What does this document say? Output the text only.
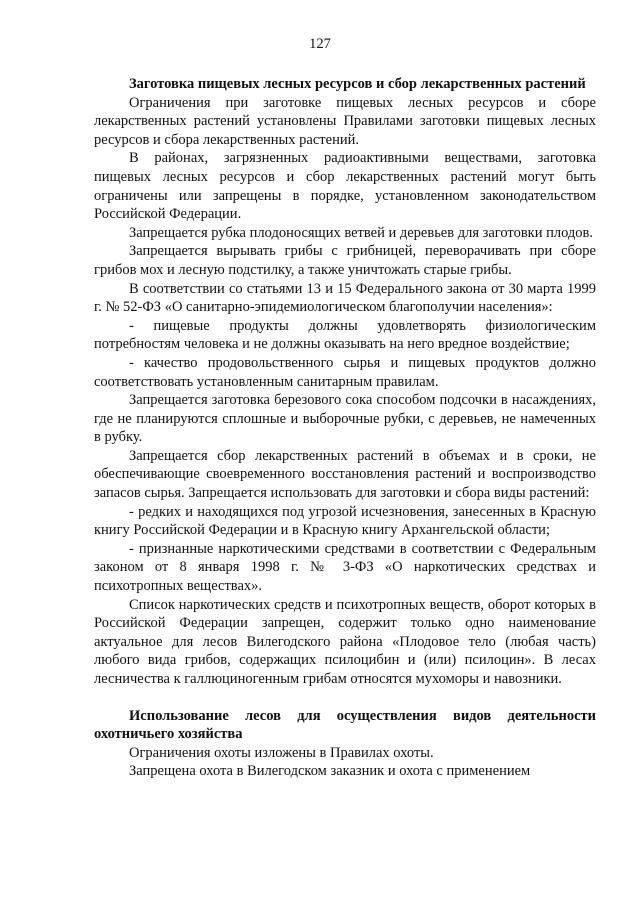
127

Заготовка пищевых лесных ресурсов и сбор лекарственных растений

Ограничения при заготовке пищевых лесных ресурсов и сборе лекарственных растений установлены Правилами заготовки пищевых лесных ресурсов и сбора лекарственных растений.

В районах, загрязненных радиоактивными веществами, заготовка пищевых лесных ресурсов и сбор лекарственных растений могут быть ограничены или запрещены в порядке, установленном законодательством Российской Федерации.

Запрещается рубка плодоносящих ветвей и деревьев для заготовки плодов.

Запрещается вырывать грибы с грибницей, переворачивать при сборе грибов мох и лесную подстилку, а также уничтожать старые грибы.

В соответствии со статьями 13 и 15 Федерального закона от 30 марта 1999 г. № 52-ФЗ «О санитарно-эпидемиологическом благополучии населения»:

- пищевые продукты должны удовлетворять физиологическим потребностям человека и не должны оказывать на него вредное воздействие;

- качество продовольственного сырья и пищевых продуктов должно соответствовать установленным санитарным правилам.

Запрещается заготовка березового сока способом подсочки в насаждениях, где не планируются сплошные и выборочные рубки, с деревьев, не намеченных в рубку.

Запрещается сбор лекарственных растений в объемах и в сроки, не обеспечивающие своевременного восстановления растений и воспроизводство запасов сырья. Запрещается использовать для заготовки и сбора виды растений:

- редких и находящихся под угрозой исчезновения, занесенных в Красную книгу Российской Федерации и в Красную книгу Архангельской области;

- признанные наркотическими средствами в соответствии с Федеральным законом от 8 января 1998 г. № 3-ФЗ «О наркотических средствах и психотропных веществах».

Список наркотических средств и психотропных веществ, оборот которых в Российской Федерации запрещен, содержит только одно наименование актуальное для лесов Вилегодского района «Плодовое тело (любая часть) любого вида грибов, содержащих псилоцибин и (или) псилоцин». В лесах лесничества к галлюциногенным грибам относятся мухоморы и навозники.

Использование лесов для осуществления видов деятельности охотничьего хозяйства

Ограничения охоты изложены в Правилах охоты.

Запрещена охота в Вилегодском заказник и охота с применением
